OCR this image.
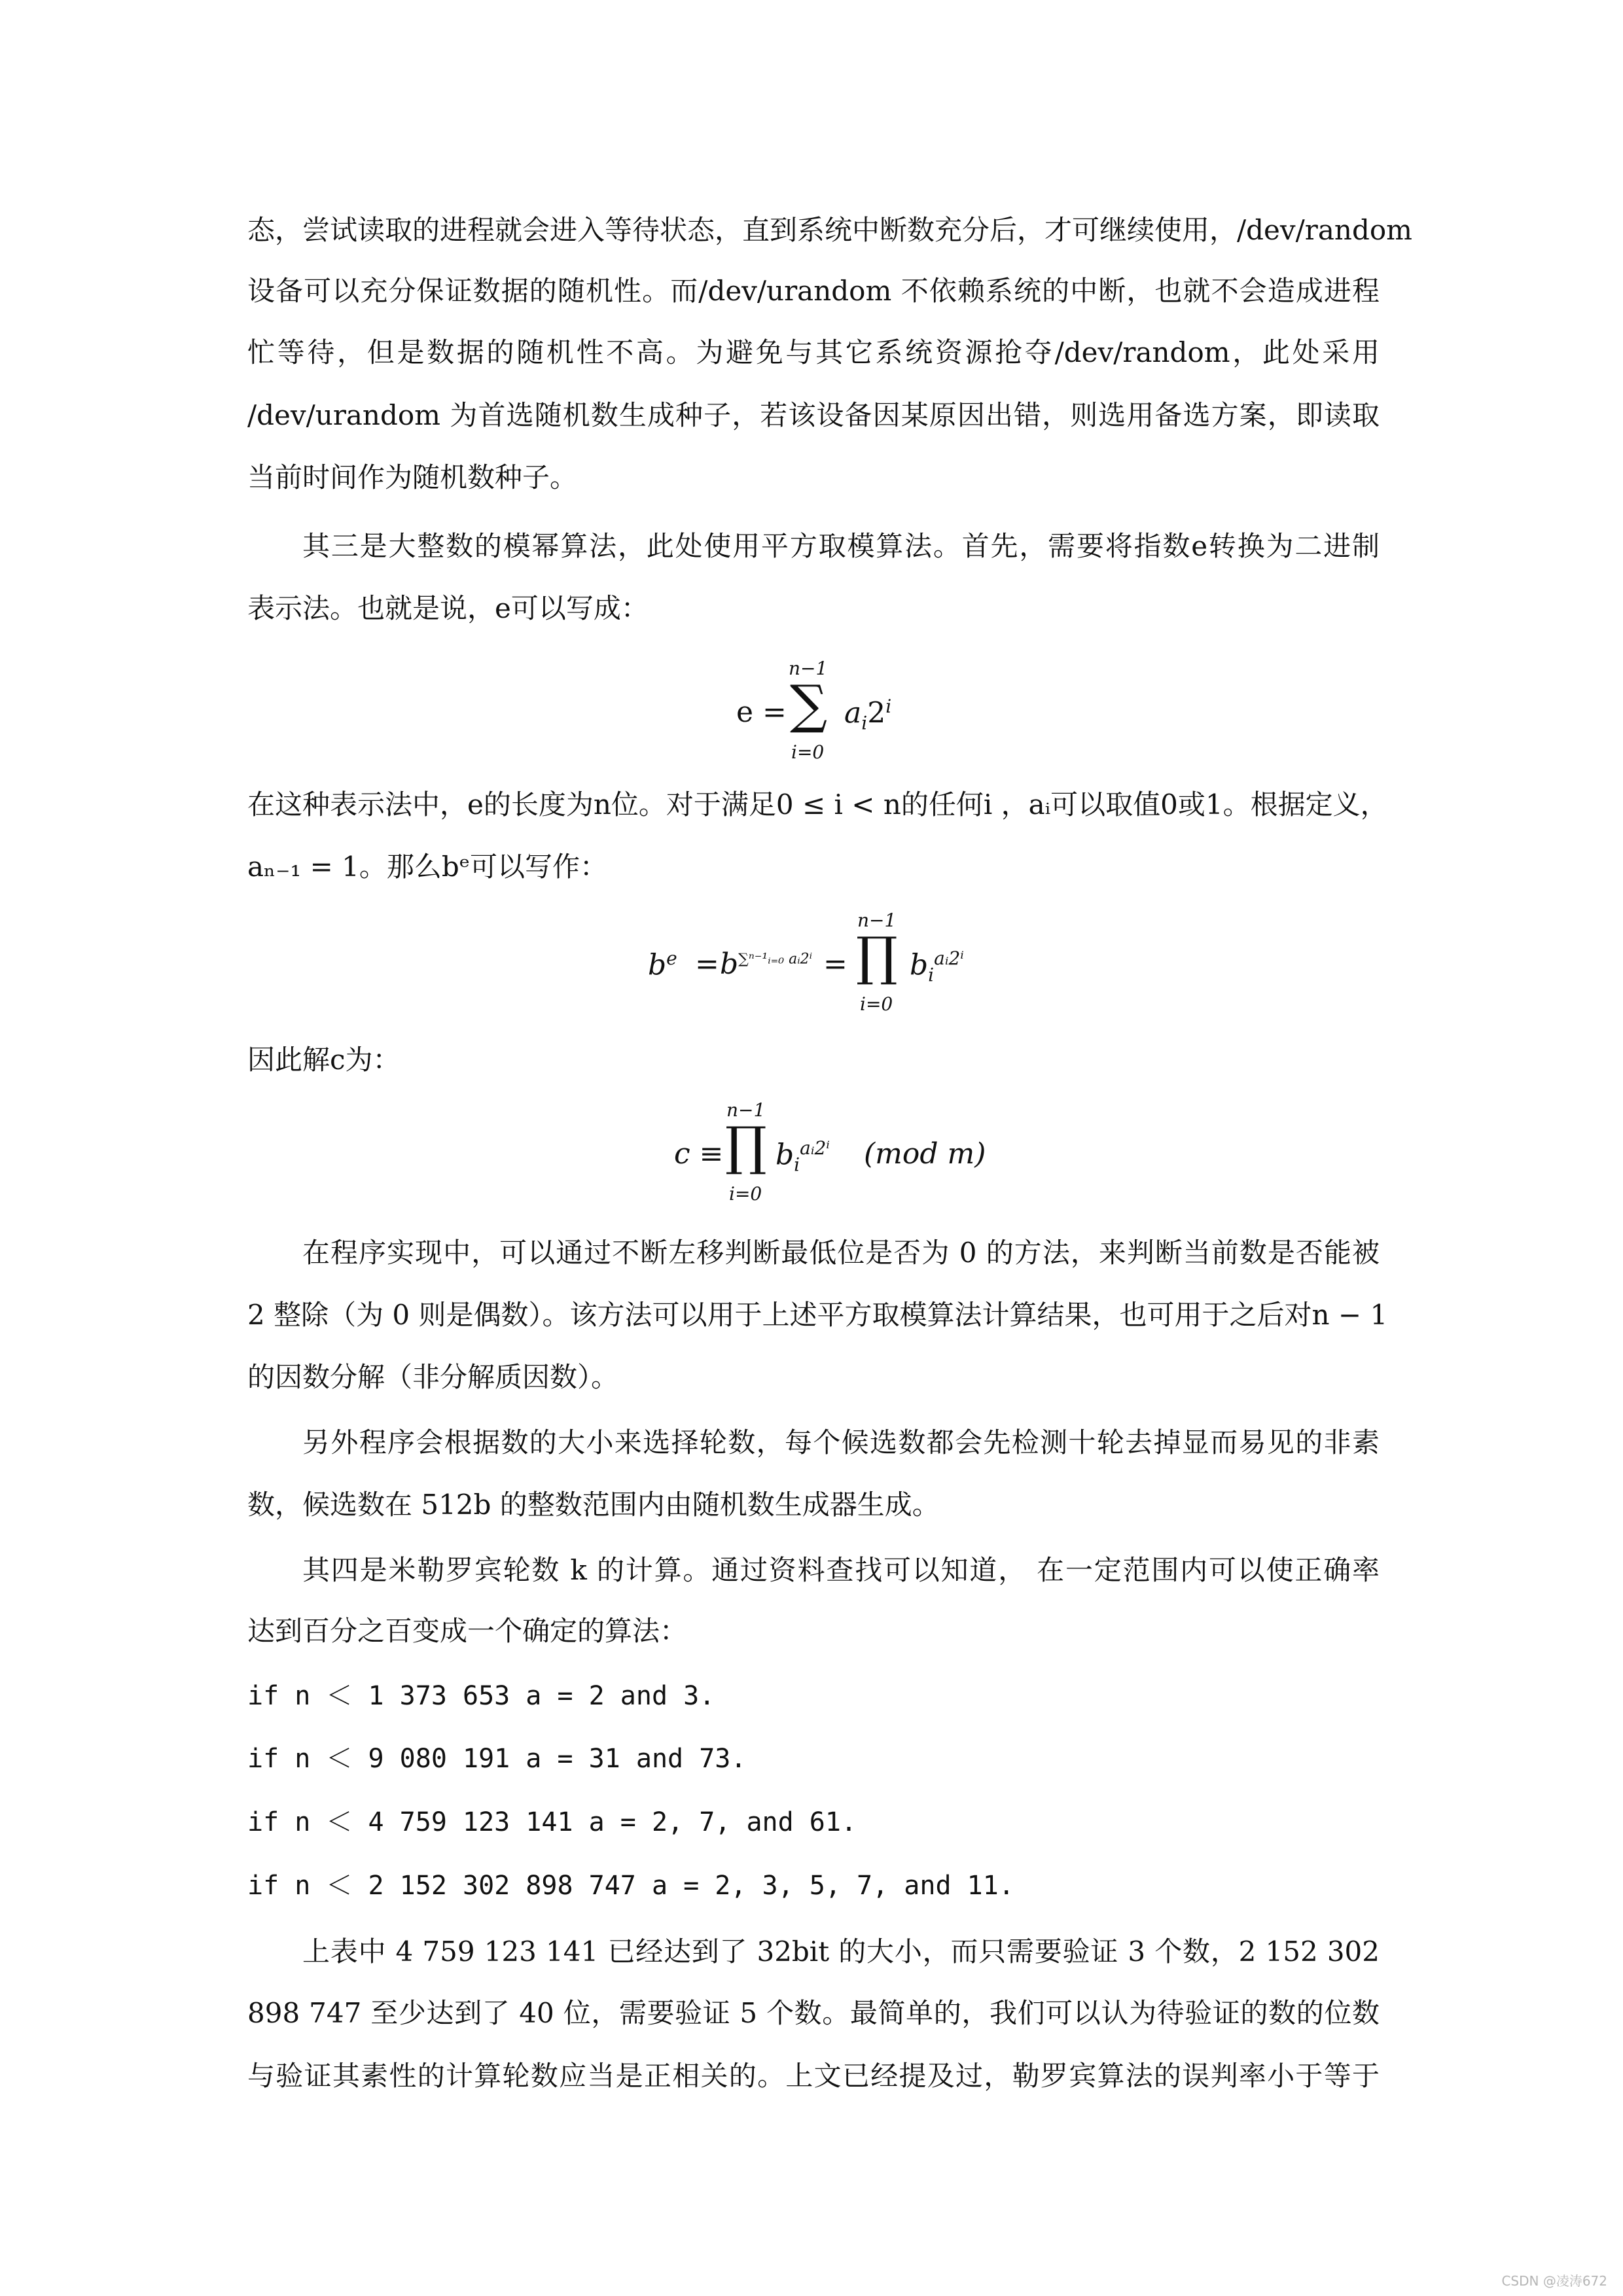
态，尝试读取的进程就会进入等待状态，直到系统中断数充分后，才可继续使用，/dev/random
设备可以充分保证数据的随机性。而/dev/urandom 不依赖系统的中断，也就不会造成进程
忙等待，但是数据的随机性不高。为避免与其它系统资源抢夺/dev/random，此处采用
/dev/urandom 为首选随机数生成种子，若该设备因某原因出错，则选用备选方案，即读取
当前时间作为随机数种子。
其三是大整数的模幂算法，此处使用平方取模算法。首先，需要将指数e转换为二进制
表示法。也就是说，e可以写成：
e =
n−1
∑
i=0
$a_i2^i$
在这种表示法中，e的长度为n位。对于满足0 ≤ i < n的任何i ，aᵢ可以取值0或1。根据定义，
aₙ₋₁ = 1。那么bᵉ可以写作：
$b^e = b^{\sum^{n-1}ᵢ_{=0} aᵢ2^i}$ =
n−1
∏
i=0
$b_i^{aᵢ2^i}$
因此解c为：
c ≡
n−1
∏
i=0
$b_i^{aᵢ2^i}$ (mod m)
在程序实现中，可以通过不断左移判断最低位是否为 0 的方法，来判断当前数是否能被
2 整除（为 0 则是偶数）。该方法可以用于上述平方取模算法计算结果，也可用于之后对n − 1
的因数分解（非分解质因数）。
另外程序会根据数的大小来选择轮数，每个候选数都会先检测十轮去掉显而易见的非素
数，候选数在 512b 的整数范围内由随机数生成器生成。
其四是米勒罗宾轮数 k 的计算。通过资料查找可以知道， 在一定范围内可以使正确率
达到百分之百变成一个确定的算法：
if n ＜ 1 373 653 a = 2 and 3.
if n ＜ 9 080 191 a = 31 and 73.
if n ＜ 4 759 123 141 a = 2, 7, and 61.
if n ＜ 2 152 302 898 747 a = 2, 3, 5, 7, and 11.
上表中 4 759 123 141 已经达到了 32bit 的大小，而只需要验证 3 个数，2 152 302
898 747 至少达到了 40 位，需要验证 5 个数。最简单的，我们可以认为待验证的数的位数
与验证其素性的计算轮数应当是正相关的。上文已经提及过，勒罗宾算法的误判率小于等于
CSDN @凌涛672
